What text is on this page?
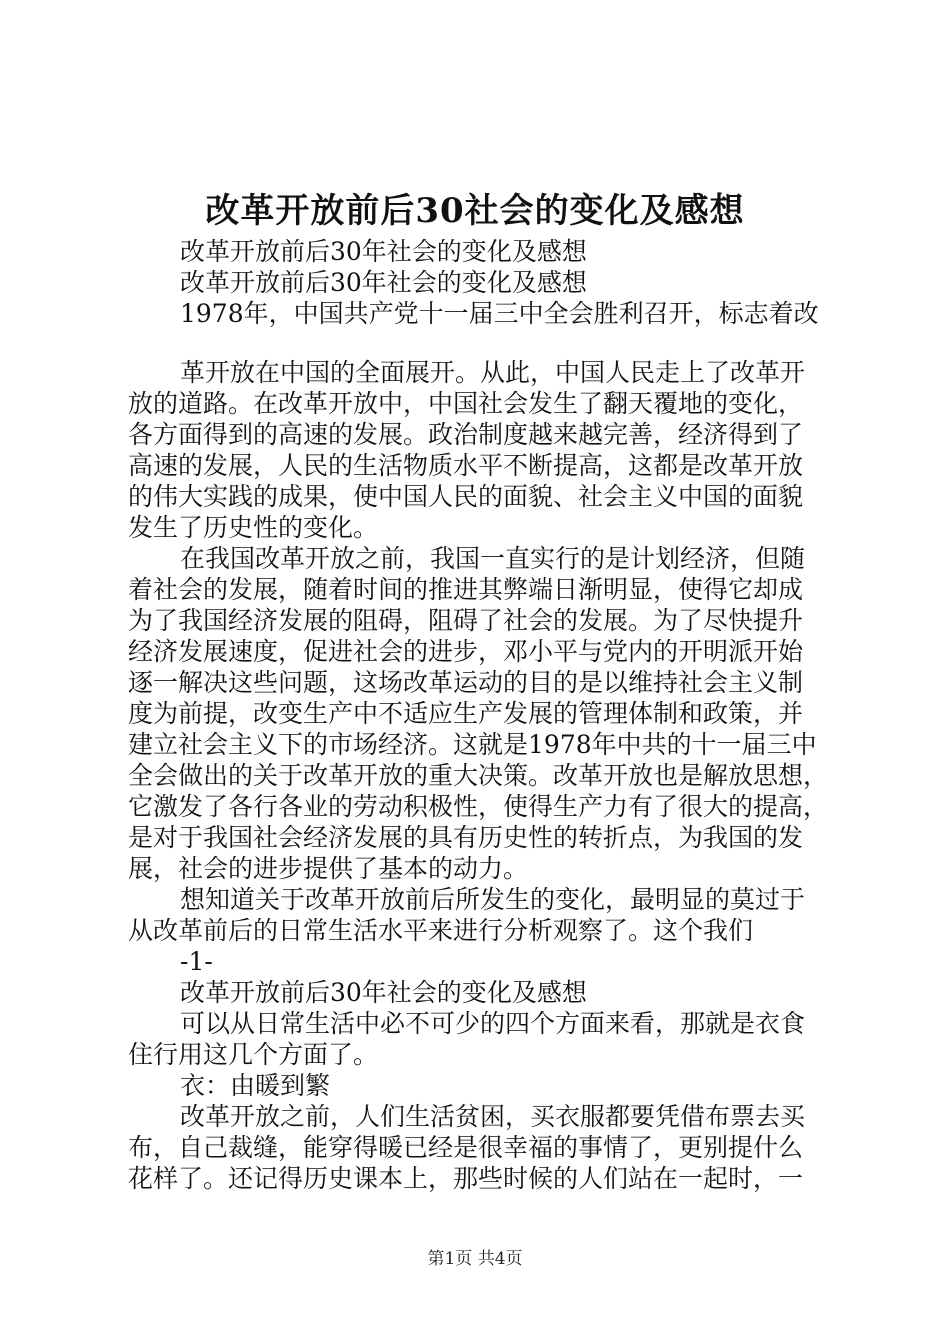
改革开放前后30社会的变化及感想
改革开放前后30年社会的变化及感想
改革开放前后30年社会的变化及感想
1978年，中国共产党十一届三中全会胜利召开，标志着改
革开放在中国的全面展开。从此，中国人民走上了改革开
放的道路。在改革开放中，中国社会发生了翻天覆地的变化，
各方面得到的高速的发展。政治制度越来越完善，经济得到了
高速的发展，人民的生活物质水平不断提高，这都是改革开放
的伟大实践的成果，使中国人民的面貌、社会主义中国的面貌
发生了历史性的变化。
在我国改革开放之前，我国一直实行的是计划经济，但随
着社会的发展，随着时间的推进其弊端日渐明显，使得它却成
为了我国经济发展的阻碍，阻碍了社会的发展。为了尽快提升
经济发展速度，促进社会的进步，邓小平与党内的开明派开始
逐一解决这些问题，这场改革运动的目的是以维持社会主义制
度为前提，改变生产中不适应生产发展的管理体制和政策，并
建立社会主义下的市场经济。这就是1978年中共的十一届三中
全会做出的关于改革开放的重大决策。改革开放也是解放思想，
它激发了各行各业的劳动积极性，使得生产力有了很大的提高，
是对于我国社会经济发展的具有历史性的转折点，为我国的发
展，社会的进步提供了基本的动力。
想知道关于改革开放前后所发生的变化，最明显的莫过于
从改革前后的日常生活水平来进行分析观察了。这个我们
-1-
改革开放前后30年社会的变化及感想
可以从日常生活中必不可少的四个方面来看，那就是衣食
住行用这几个方面了。
衣：由暖到繁
改革开放之前，人们生活贫困，买衣服都要凭借布票去买
布，自己裁缝，能穿得暖已经是很幸福的事情了，更别提什么
花样了。还记得历史课本上，那些时候的人们站在一起时，一
第1页 共4页
